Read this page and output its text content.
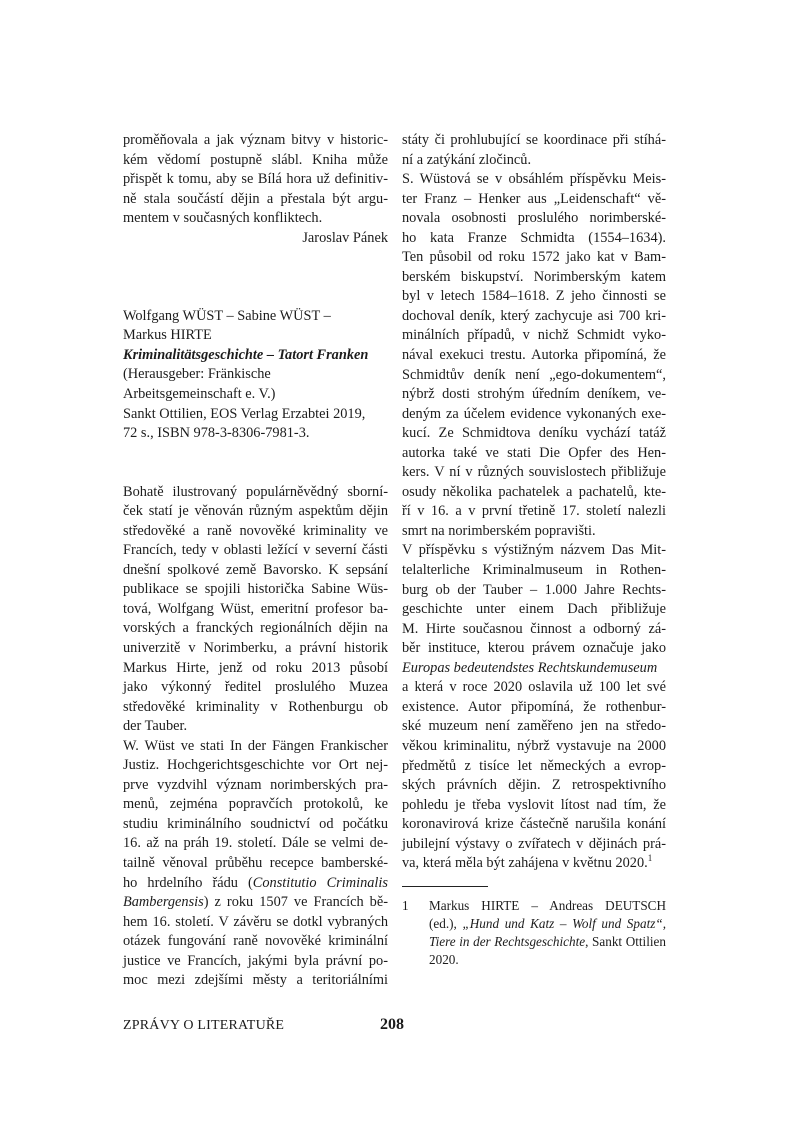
proměňovala a jak význam bitvy v historic-
kém vědomí postupně slábl. Kniha může
přispět k tomu, aby se Bílá hora už definitiv-
ně stala součástí dějin a přestala být argu-
mentem v současných konfliktech.
Jaroslav Pánek
Wolfgang WÜST – Sabine WÜST –
Markus HIRTE
Kriminalitätsgeschichte – Tatort Franken
(Herausgeber: Fränkische
Arbeitsgemeinschaft e. V.)
Sankt Ottilien, EOS Verlag Erzabtei 2019,
72 s., ISBN 978-3-8306-7981-3.
Bohatě ilustrovaný populárněvědný sborní-
ček statí je věnován různým aspektům dějin
středověké a raně novověké kriminality ve
Francích, tedy v oblasti ležící v severní části
dnešní spolkové země Bavorsko. K sepsání
publikace se spojili historička Sabine Wüs-
tová, Wolfgang Wüst, emeritní profesor ba-
vorských a franckých regionálních dějin na
univerzitě v Norimberku, a právní historik
Markus Hirte, jenž od roku 2013 působí
jako výkonný ředitel proslulého Muzea
středověké kriminality v Rothenburgu ob
der Tauber.
W. Wüst ve stati In der Fängen Frankischer
Justiz. Hochgerichtsgeschichte vor Ort nej-
prve vyzdvihl význam norimberských pra-
menů, zejména popravčích protokolů, ke
studiu kriminálního soudnictví od počátku
16. až na práh 19. století. Dále se velmi de-
tailně věnoval průběhu recepce bamberské-
ho hrdelního řádu (Constitutio Criminalis
Bambergensis) z roku 1507 ve Francích bě-
hem 16. století. V závěru se dotkl vybraných
otázek fungování raně novověké kriminální
justice ve Francích, jakými byla právní po-
moc mezi zdejšími městy a teritoriálními
státy či prohlubující se koordinace při stíhá-
ní a zatýkání zločinců.
S. Wüstová se v obsáhlém příspěvku Meis-
ter Franz – Henker aus „Leidenschaft“ vě-
novala osobnosti proslulého norimberské-
ho kata Franze Schmidta (1554–1634).
Ten působil od roku 1572 jako kat v Bam-
berském biskupství. Norimberským katem
byl v letech 1584–1618. Z jeho činnosti se
dochoval deník, který zachycuje asi 700 kri-
minálních případů, v nichž Schmidt vyko-
nával exekuci trestu. Autorka připomíná, že
Schmidtův deník není „ego-dokumentem“,
nýbrž dosti strohým úředním deníkem, ve-
deným za účelem evidence vykonaných exe-
kucí. Ze Schmidtova deníku vychází tatáž
autorka také ve stati Die Opfer des Hen-
kers. V ní v různých souvislostech přibližuje
osudy několika pachatelek a pachatelů, kte-
ří v 16. a v první třetině 17. století nalezli
smrt na norimberském popravišti.
V příspěvku s výstižným názvem Das Mit-
telalterliche Kriminalmuseum in Rothen-
burg ob der Tauber – 1.000 Jahre Rechts-
geschichte unter einem Dach přibližuje
M. Hirte současnou činnost a odborný zá-
běr instituce, kterou právem označuje jako
Europas bedeutendstes Rechtskundemuseum
a která v roce 2020 oslavila už 100 let své
existence. Autor připomíná, že rothenbur-
ské muzeum není zaměřeno jen na středo-
věkou kriminalitu, nýbrž vystavuje na 2000
předmětů z tisíce let německých a evrop-
ských právních dějin. Z retrospektivního
pohledu je třeba vyslovit lítost nad tím, že
koronavirová krize částečně narušila konání
jubilejní výstavy o zvířatech v dějinách prá-
va, která měla být zahájena v květnu 2020.$^1$
1 Markus HIRTE – Andreas DEUTSCH
(ed.), „Hund und Katz – Wolf und Spatz“,
Tiere in der Rechtsgeschichte, Sankt Ottilien
2020.
ZPRÁVY O LITERATUŘE	208
